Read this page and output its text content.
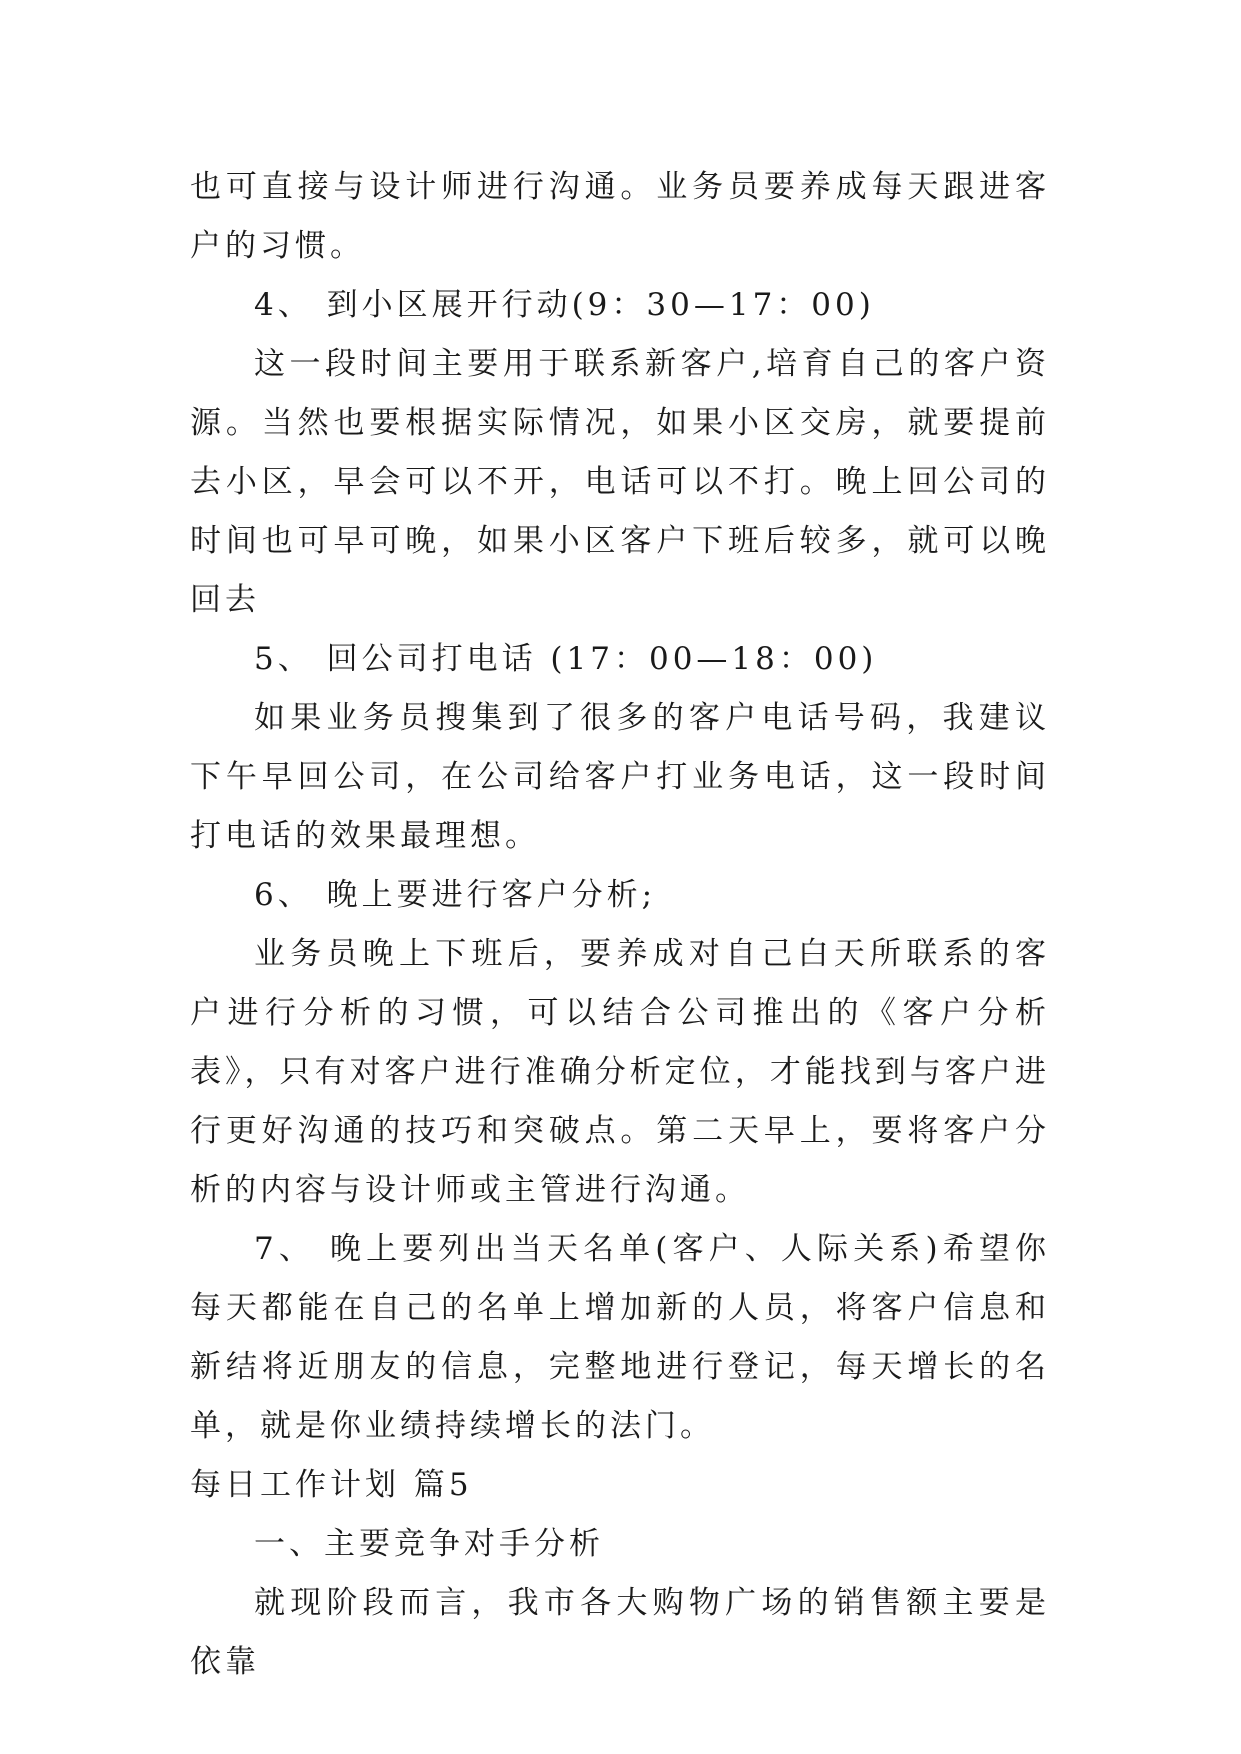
也可直接与设计师进行沟通。业务员要养成每天跟进客户的习惯。

4、 到小区展开行动(9：30—17：00)

这一段时间主要用于联系新客户,培育自己的客户资源。当然也要根据实际情况，如果小区交房，就要提前去小区，早会可以不开，电话可以不打。晚上回公司的时间也可早可晚，如果小区客户下班后较多，就可以晚回去

5、 回公司打电话 (17：00—18：00)

如果业务员搜集到了很多的客户电话号码，我建议下午早回公司，在公司给客户打业务电话，这一段时间打电话的效果最理想。

6、 晚上要进行客户分析;

业务员晚上下班后，要养成对自己白天所联系的客户进行分析的习惯，可以结合公司推出的《客户分析表》，只有对客户进行准确分析定位，才能找到与客户进行更好沟通的技巧和突破点。第二天早上，要将客户分析的内容与设计师或主管进行沟通。

7、 晚上要列出当天名单(客户、人际关系)希望你每天都能在自己的名单上增加新的人员，将客户信息和新结将近朋友的信息，完整地进行登记，每天增长的名单，就是你业绩持续增长的法门。

每日工作计划 篇5

一、主要竞争对手分析

就现阶段而言，我市各大购物广场的销售额主要是依靠
